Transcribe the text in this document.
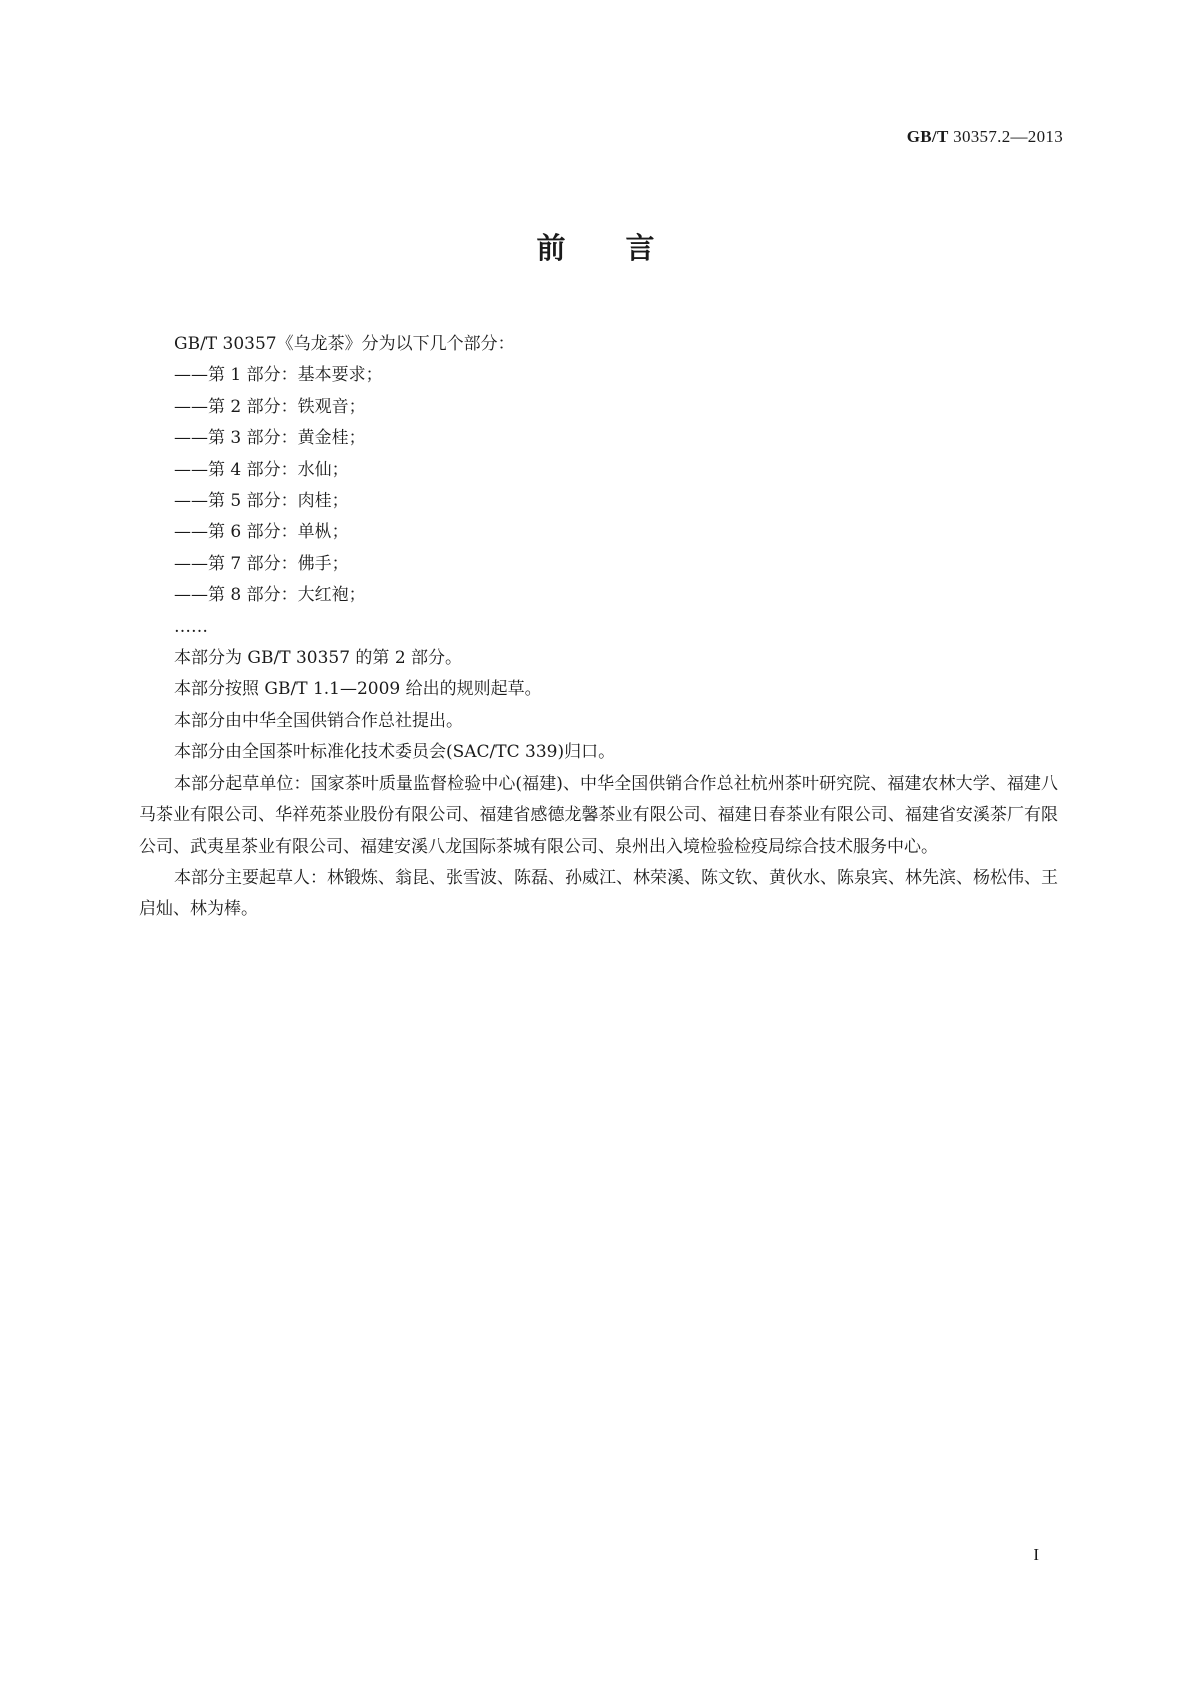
GB/T 30357.2—2013
前言

GB/T 30357《乌龙茶》分为以下几个部分：

——第 1 部分：基本要求；

——第 2 部分：铁观音；

——第 3 部分：黄金桂；

——第 4 部分：水仙；

——第 5 部分：肉桂；

——第 6 部分：单枞；

——第 7 部分：佛手；

——第 8 部分：大红袍；

……

本部分为 GB/T 30357 的第 2 部分。

本部分按照 GB/T 1.1—2009 给出的规则起草。

本部分由中华全国供销合作总社提出。

本部分由全国茶叶标准化技术委员会(SAC/TC 339)归口。

本部分起草单位：国家茶叶质量监督检验中心(福建)、中华全国供销合作总社杭州茶叶研究院、福建农林大学、福建八马茶业有限公司、华祥苑茶业股份有限公司、福建省感德龙馨茶业有限公司、福建日春茶业有限公司、福建省安溪茶厂有限公司、武夷星茶业有限公司、福建安溪八龙国际茶城有限公司、泉州出入境检验检疫局综合技术服务中心。

本部分主要起草人：林锻炼、翁昆、张雪波、陈磊、孙威江、林荣溪、陈文钦、黄伙水、陈泉宾、林先滨、杨松伟、王启灿、林为棒。

I
